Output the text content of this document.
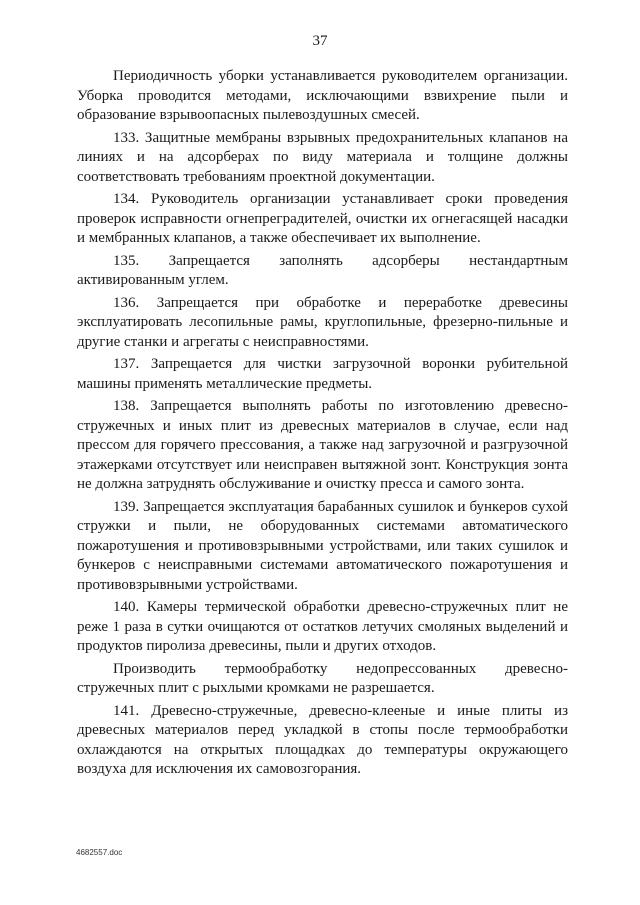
37

Периодичность уборки устанавливается руководителем организации. Уборка проводится методами, исключающими взвихрение пыли и образование взрывоопасных пылевоздушных смесей.

133. Защитные мембраны взрывных предохранительных клапанов на линиях и на адсорберах по виду материала и толщине должны соответствовать требованиям проектной документации.

134. Руководитель организации устанавливает сроки проведения проверок исправности огнепреградителей, очистки их огнегасящей насадки и мембранных клапанов, а также обеспечивает их выполнение.

135. Запрещается заполнять адсорберы нестандартным активированным углем.

136. Запрещается при обработке и переработке древесины эксплуатировать лесопильные рамы, круглопильные, фрезерно-пильные и другие станки и агрегаты с неисправностями.

137. Запрещается для чистки загрузочной воронки рубительной машины применять металлические предметы.

138. Запрещается выполнять работы по изготовлению древесно-стружечных и иных плит из древесных материалов в случае, если над прессом для горячего прессования, а также над загрузочной и разгрузочной этажерками отсутствует или неисправен вытяжной зонт. Конструкция зонта не должна затруднять обслуживание и очистку пресса и самого зонта.

139. Запрещается эксплуатация барабанных сушилок и бункеров сухой стружки и пыли, не оборудованных системами автоматического пожаротушения и противовзрывными устройствами, или таких сушилок и бункеров с неисправными системами автоматического пожаротушения и противовзрывными устройствами.

140. Камеры термической обработки древесно-стружечных плит не реже 1 раза в сутки очищаются от остатков летучих смоляных выделений и продуктов пиролиза древесины, пыли и других отходов.

Производить термообработку недопрессованных древесно-стружечных плит с рыхлыми кромками не разрешается.

141. Древесно-стружечные, древесно-клееные и иные плиты из древесных материалов перед укладкой в стопы после термообработки охлаждаются на открытых площадках до температуры окружающего воздуха для исключения их самовозгорания.

4682557.doc
